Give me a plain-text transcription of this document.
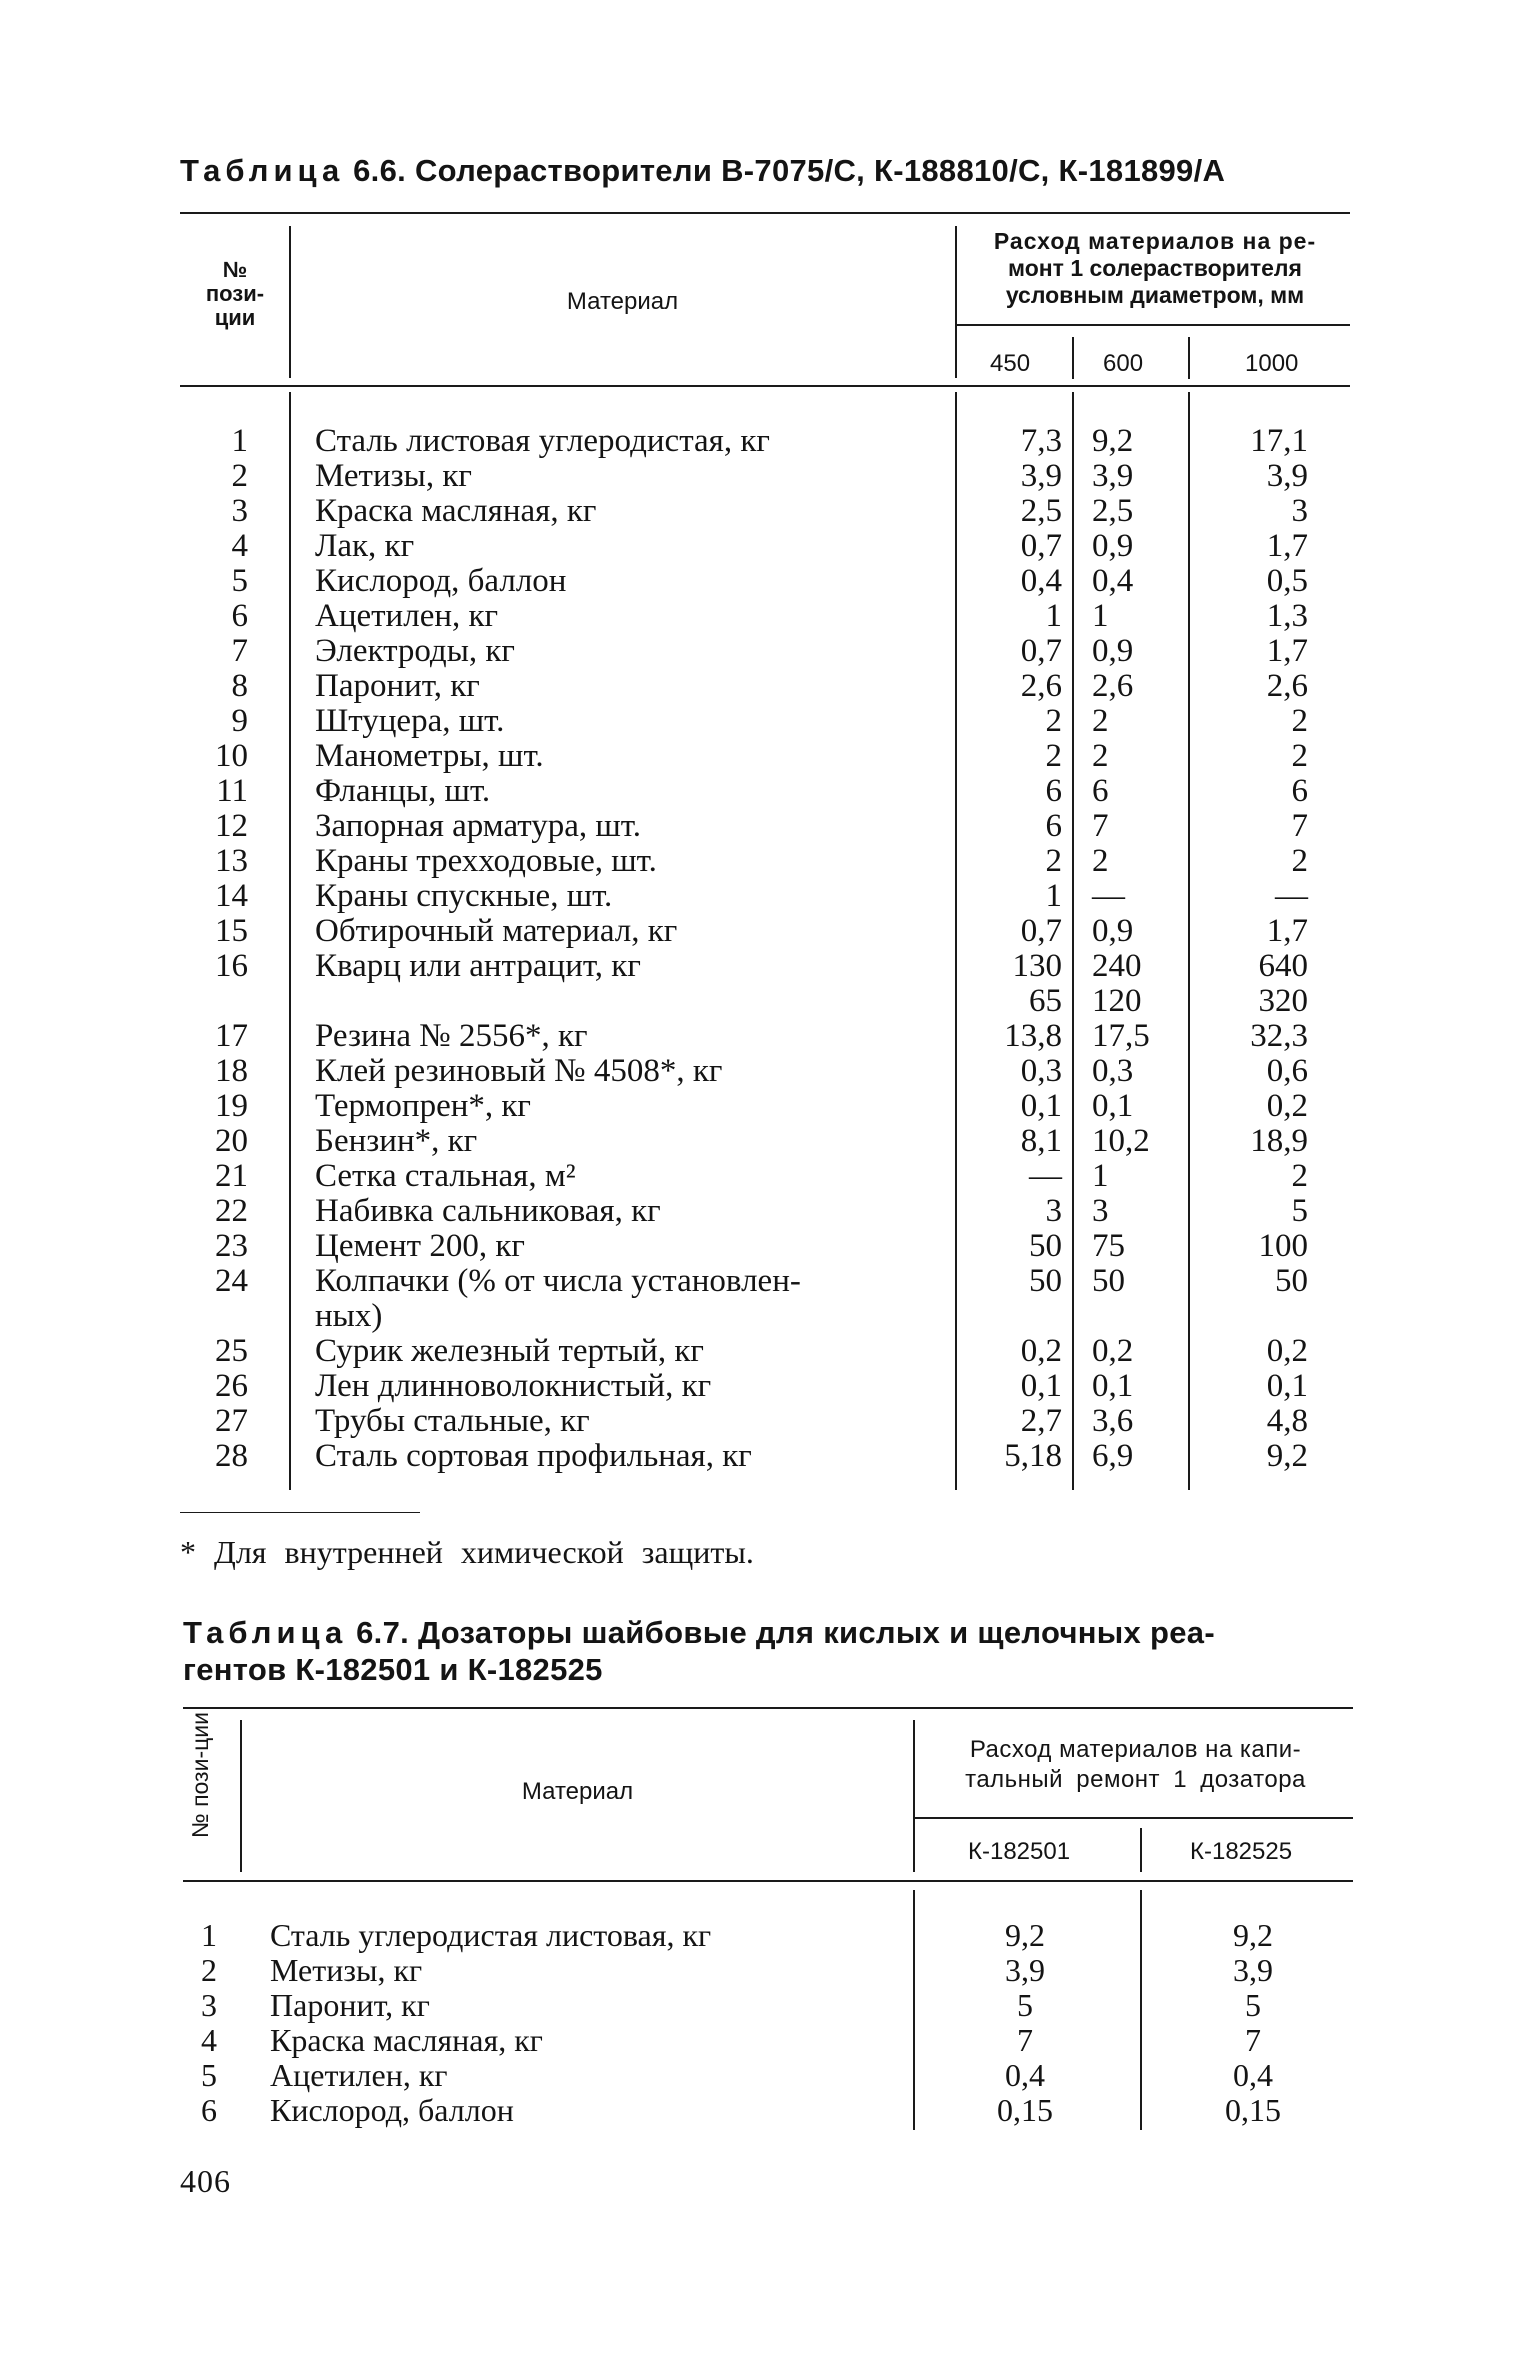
Таблица 6.6. Солерастворители В-7075/С, К-188810/С, К-181899/А
№
пози-
ции
Материал
Расход материалов на ре-
монт 1 солерастворителя
условным диаметром, мм
450	600	1000
1 Сталь листовая углеродистая, кг	7,3 9,2	17,1
2 Метизы, кг	3,9 3,9	3,9
3 Краска масляная, кг	2,5 2,5	3
4 Лак, кг	0,7 0,9	1,7
5 Кислород, баллон	0,4 0,4	0,5
6 Ацетилен, кг	1 1	1,3
7 Электроды, кг	0,7 0,9	1,7
8 Паронит, кг	2,6 2,6	2,6
9 Штуцера, шт.	2 2	2
10 Манометры, шт.	2 2	2
11 Фланцы, шт.	6 6	6
12 Запорная арматура, шт.	6 7	7
13 Краны трехходовые, шт.	2 2	2
14 Краны спускные, шт.	1 —	—
15 Обтирочный материал, кг	0,7 0,9	1,7
16 Кварц или антрацит, кг	130 240	640
65 120	320
17 Резина № 2556*, кг	13,8 17,5	32,3
18 Клей резиновый № 4508*, кг	0,3 0,3	0,6
19 Термопрен*, кг	0,1 0,1	0,2
20 Бензин*, кг	8,1 10,2	18,9
21 Сетка стальная, м²	— 1	2
22 Набивка сальниковая, кг	3 3	5
23 Цемент 200, кг	50 75	100
24 Колпачки (% от числа установлен-	50 50	50
ных)
25 Сурик железный тертый, кг	0,2 0,2	0,2
26 Лен длинноволокнистый, кг	0,1 0,1	0,1
27 Трубы стальные, кг	2,7 3,6	4,8
28 Сталь сортовая профильная, кг	5,18 6,9	9,2
* Для внутренней химической защиты.
Таблица 6.7. Дозаторы шайбовые для кислых и щелочных реа-
гентов К-182501 и К-182525
№ пози-ции	Материал
Расход материалов на капи-
тальный ремонт 1 дозатора
К-182501	К-182525
1 Сталь углеродистая листовая, кг	9,2	9,2
2 Метизы, кг	3,9	3,9
3 Паронит, кг	5	5
4 Краска масляная, кг	7	7
5 Ацетилен, кг	0,4	0,4
6 Кислород, баллон	0,15	0,15
406
